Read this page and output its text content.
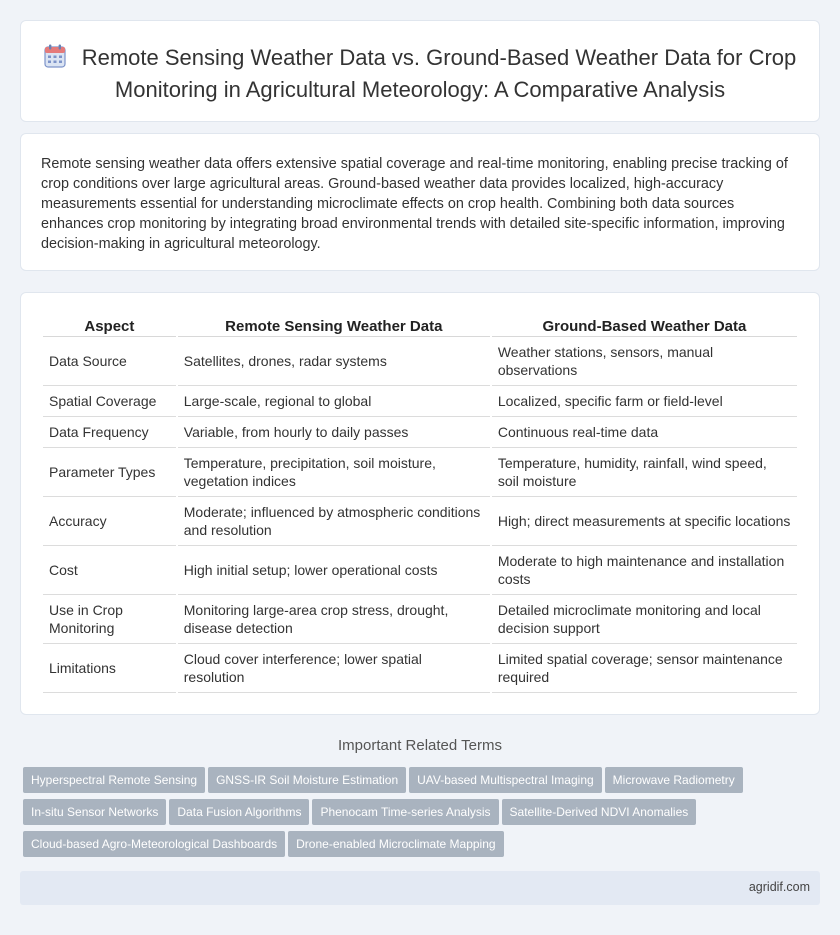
Remote Sensing Weather Data vs. Ground-Based Weather Data for Crop Monitoring in Agricultural Meteorology: A Comparative Analysis

Remote sensing weather data offers extensive spatial coverage and real-time monitoring, enabling precise tracking of crop conditions over large agricultural areas. Ground-based weather data provides localized, high-accuracy measurements essential for understanding microclimate effects on crop health. Combining both data sources enhances crop monitoring by integrating broad environmental trends with detailed site-specific information, improving decision-making in agricultural meteorology.

Aspect	Remote Sensing Weather Data	Ground-Based Weather Data
Data Source	Satellites, drones, radar systems	Weather stations, sensors, manual observations
Spatial Coverage	Large-scale, regional to global	Localized, specific farm or field-level
Data Frequency	Variable, from hourly to daily passes	Continuous real-time data
Parameter Types	Temperature, precipitation, soil moisture, vegetation indices	Temperature, humidity, rainfall, wind speed, soil moisture
Accuracy	Moderate; influenced by atmospheric conditions and resolution	High; direct measurements at specific locations
Cost	High initial setup; lower operational costs	Moderate to high maintenance and installation costs
Use in Crop Monitoring	Monitoring large-area crop stress, drought, disease detection	Detailed microclimate monitoring and local decision support
Limitations	Cloud cover interference; lower spatial resolution	Limited spatial coverage; sensor maintenance required
Important Related Terms
Hyperspectral Remote Sensing GNSS-IR Soil Moisture Estimation UAV-based Multispectral Imaging Microwave Radiometry
In-situ Sensor Networks Data Fusion Algorithms Phenocam Time-series Analysis Satellite-Derived NDVI Anomalies
Cloud-based Agro-Meteorological Dashboards Drone-enabled Microclimate Mapping
agridif.com
